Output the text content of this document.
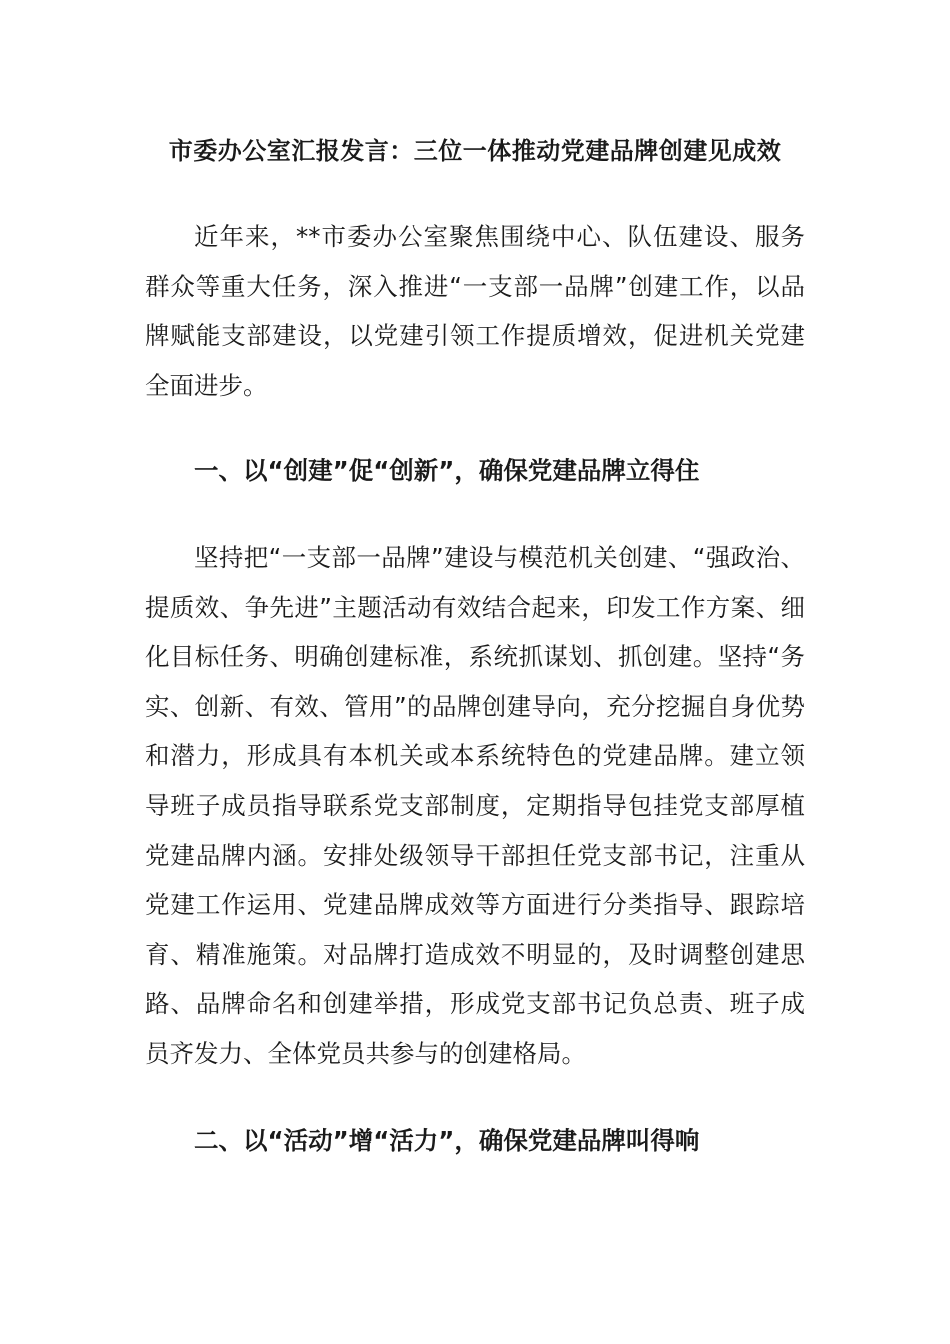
市委办公室汇报发言：三位一体推动党建品牌创建见成效

近年来，**市委办公室聚焦围绕中心、队伍建设、服务群众等重大任务，深入推进“一支部一品牌”创建工作，以品牌赋能支部建设，以党建引领工作提质增效，促进机关党建全面进步。

一、以“创建”促“创新”，确保党建品牌立得住

坚持把“一支部一品牌”建设与模范机关创建、“强政治、提质效、争先进”主题活动有效结合起来，印发工作方案、细化目标任务、明确创建标准，系统抓谋划、抓创建。坚持“务实、创新、有效、管用”的品牌创建导向，充分挖掘自身优势和潜力，形成具有本机关或本系统特色的党建品牌。建立领导班子成员指导联系党支部制度，定期指导包挂党支部厚植党建品牌内涵。安排处级领导干部担任党支部书记，注重从党建工作运用、党建品牌成效等方面进行分类指导、跟踪培育、精准施策。对品牌打造成效不明显的，及时调整创建思路、品牌命名和创建举措，形成党支部书记负总责、班子成员齐发力、全体党员共参与的创建格局。

二、以“活动”增“活力”，确保党建品牌叫得响
